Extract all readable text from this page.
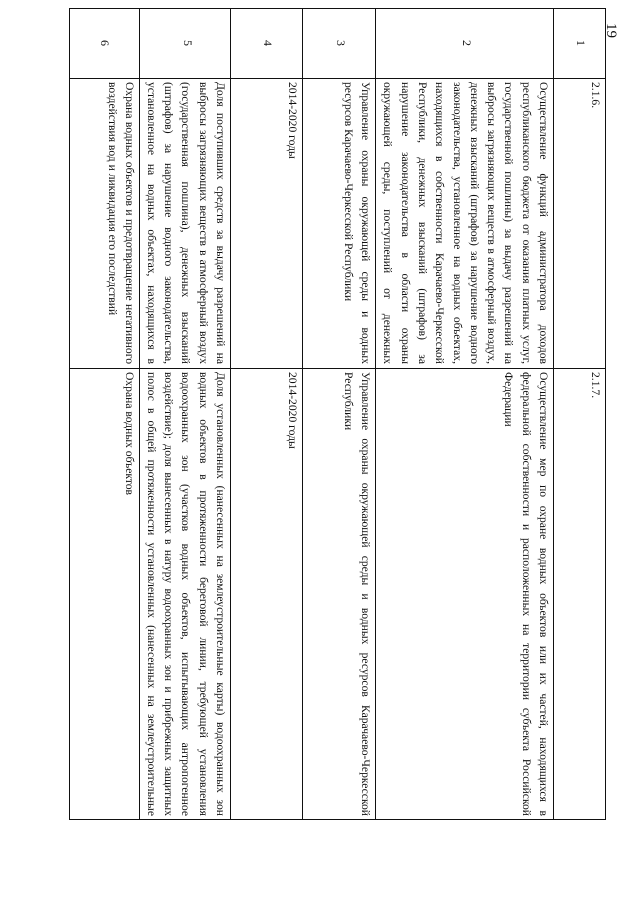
19
1
2
3
4
5
6
2.1.6.
Осуществление функций администратора доходов республиканского бюджета от оказания платных услуг, государственной пошлины) за выдачу разрешений на выбросы загрязняющих веществ в атмосферный воздух, денежных взысканий (штрафов) за нарушение водного законодательства, установленное на водных объектах, находящихся в собственности Карачаево-Черкесской Республики, денежных взысканий (штрафов) за нарушение законодательства в области охраны окружающей среды, поступлений от денежных
Управление охраны окружающей среды и водных ресурсов Карачаево-Черкесской Республики
2014-2020 годы
Доля поступивших средств за выдачу разрешений на выбросы загрязняющих веществ в атмосферный воздух (государственная пошлина), денежных взысканий (штрафов) за нарушение водного законодательства, установленное на водных объектах, находящихся в
Охрана водных объектов и предотвращение негативного воздействия вод и ликвидация его последствий
2.1.7.
Осуществление мер по охране водных объектов или их частей, находящихся в федеральной собственности и расположенных на территории субъекта Российской Федерации
Управление охраны окружающей среды и водных ресурсов Карачаево-Черкесской Республики
2014-2020 годы
Доля установленных (нанесенных на землеустроительные карты) водоохранных зон водных объектов в протяженности береговой линии, требующей установления водоохранных зон (участков водных объектов, испытывающих антропогенное воздействие); доля вынесенных в натуру водоохранных зон и прибрежных защитных полос в общей протяженности установленных (нанесенных на землеустроительные
Охрана водных объектов
